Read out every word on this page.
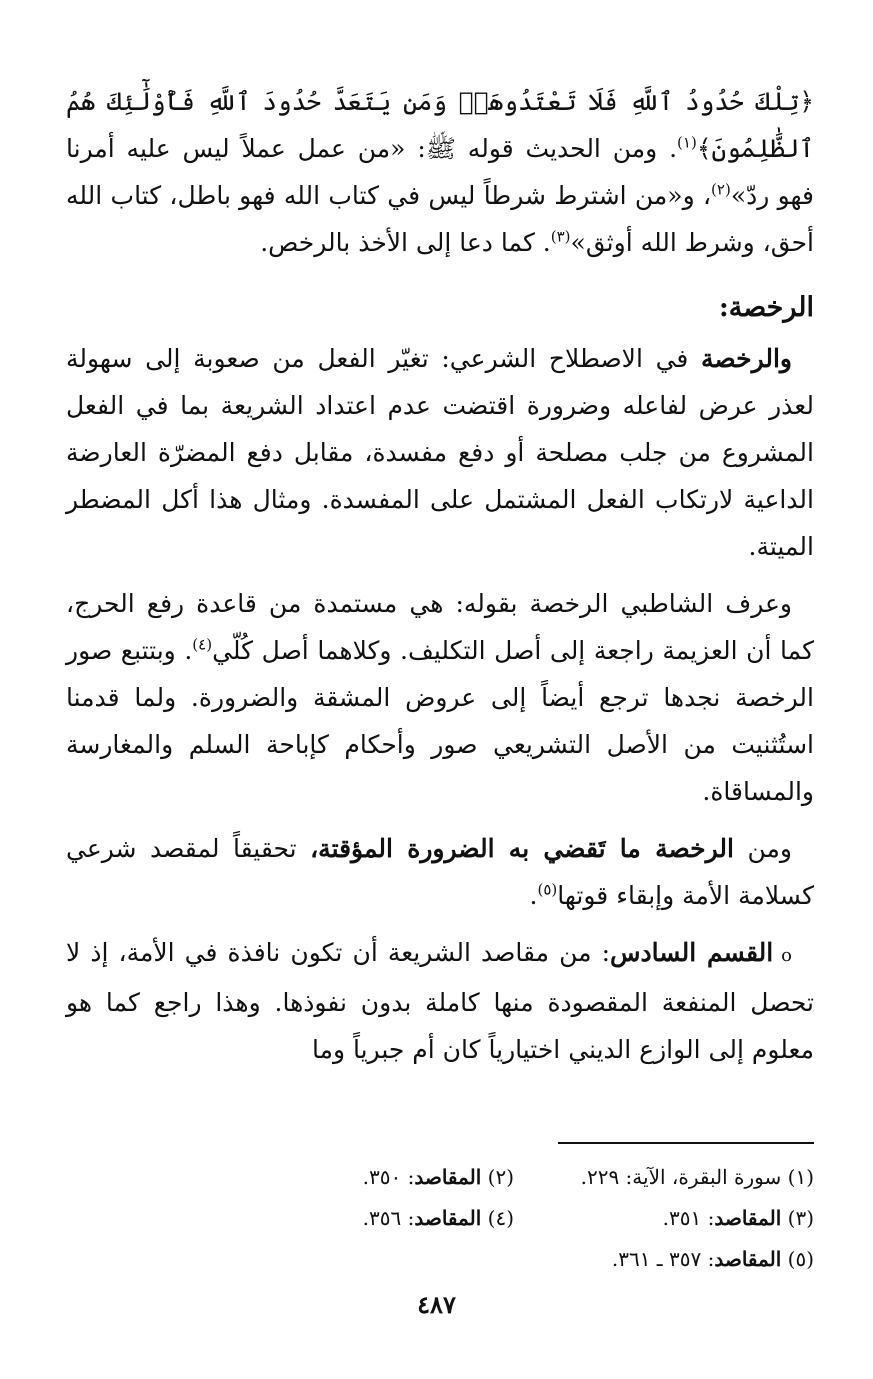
﴿تِلْكَ حُدُودُ ٱللَّهِ فَلَا تَعْتَدُوهَاۚ وَمَن يَتَعَدَّ حُدُودَ ٱللَّهِ فَأُوْلَٰٓئِكَ هُمُ ٱلظَّٰلِمُونَ﴾$^{(١)}$. ومن الحديث قوله ﷺ: «من عمل عملاً ليس عليه أمرنا فهو ردّ»$^{(٢)}$، و«من اشترط شرطاً ليس في كتاب الله فهو باطل، كتاب الله أحق، وشرط الله أوثق»$^{(٣)}$. كما دعا إلى الأخذ بالرخص.

الرخصة:

والرخصة في الاصطلاح الشرعي: تغيّر الفعل من صعوبة إلى سهولة لعذر عرض لفاعله وضرورة اقتضت عدم اعتداد الشريعة بما في الفعل المشروع من جلب مصلحة أو دفع مفسدة، مقابل دفع المضرّة العارضة الداعية لارتكاب الفعل المشتمل على المفسدة. ومثال هذا أكل المضطر الميتة.

وعرف الشاطبي الرخصة بقوله: هي مستمدة من قاعدة رفع الحرج، كما أن العزيمة راجعة إلى أصل التكليف. وكلاهما أصل كُلّي$^{(٤)}$. وبتتبع صور الرخصة نجدها ترجع أيضاً إلى عروض المشقة والضرورة. ولما قدمنا استُثنيت من الأصل التشريعي صور وأحكام كإباحة السلم والمغارسة والمساقاة.

ومن الرخصة ما تَقضي به الضرورة المؤقتة، تحقيقاً لمقصد شرعي كسلامة الأمة وإبقاء قوتها$^{(٥)}$.

oالقسم السادس: من مقاصد الشريعة أن تكون نافذة في الأمة، إذ لا تحصل المنفعة المقصودة منها كاملة بدون نفوذها. وهذا راجع كما هو معلوم إلى الوازع الديني اختيارياً كان أم جبرياً وما

(١) سورة البقرة، الآية: ٢٢٩.
(٢) المقاصد: ٣٥٠.
(٣) المقاصد: ٣٥١.
(٤) المقاصد: ٣٥٦.
(٥) المقاصد: ٣٥٧ ـ ٣٦١.
٤٨٧
